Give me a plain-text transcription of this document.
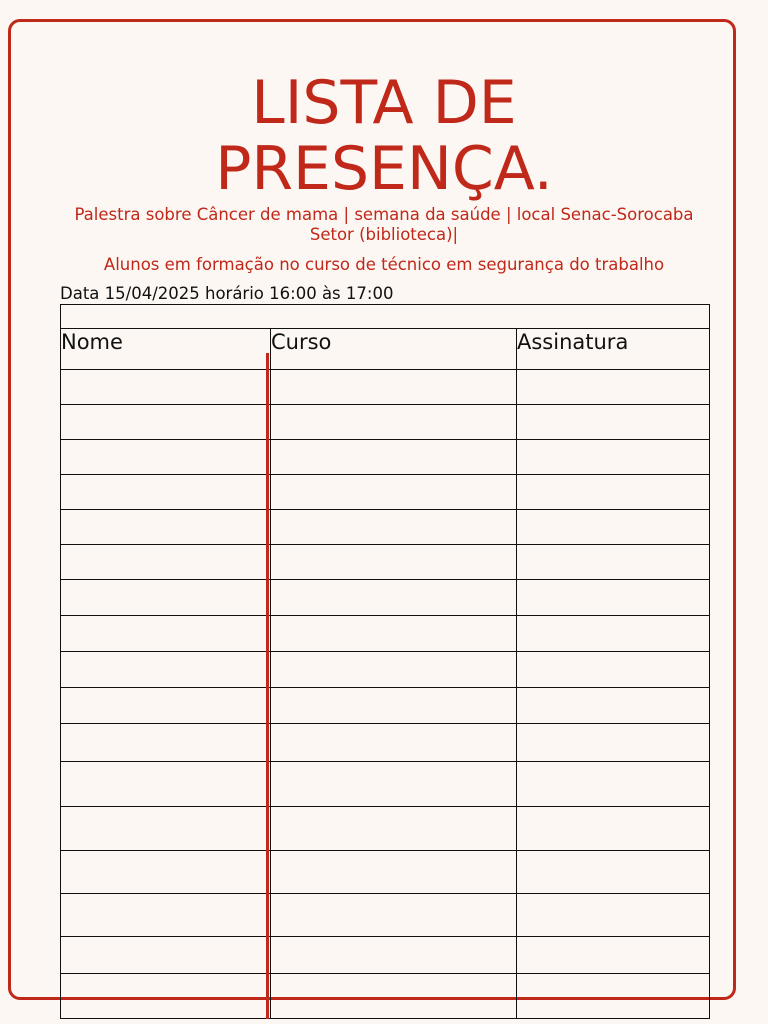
LISTA DE
PRESENÇA.

Palestra sobre Câncer de mama | semana da saúde | local Senac-Sorocaba Setor (biblioteca)|

Alunos em formação no curso de técnico em segurança do trabalho

Data 15/04/2025 horário 16:00 às 17:00
Nome	Curso	Assinatura
